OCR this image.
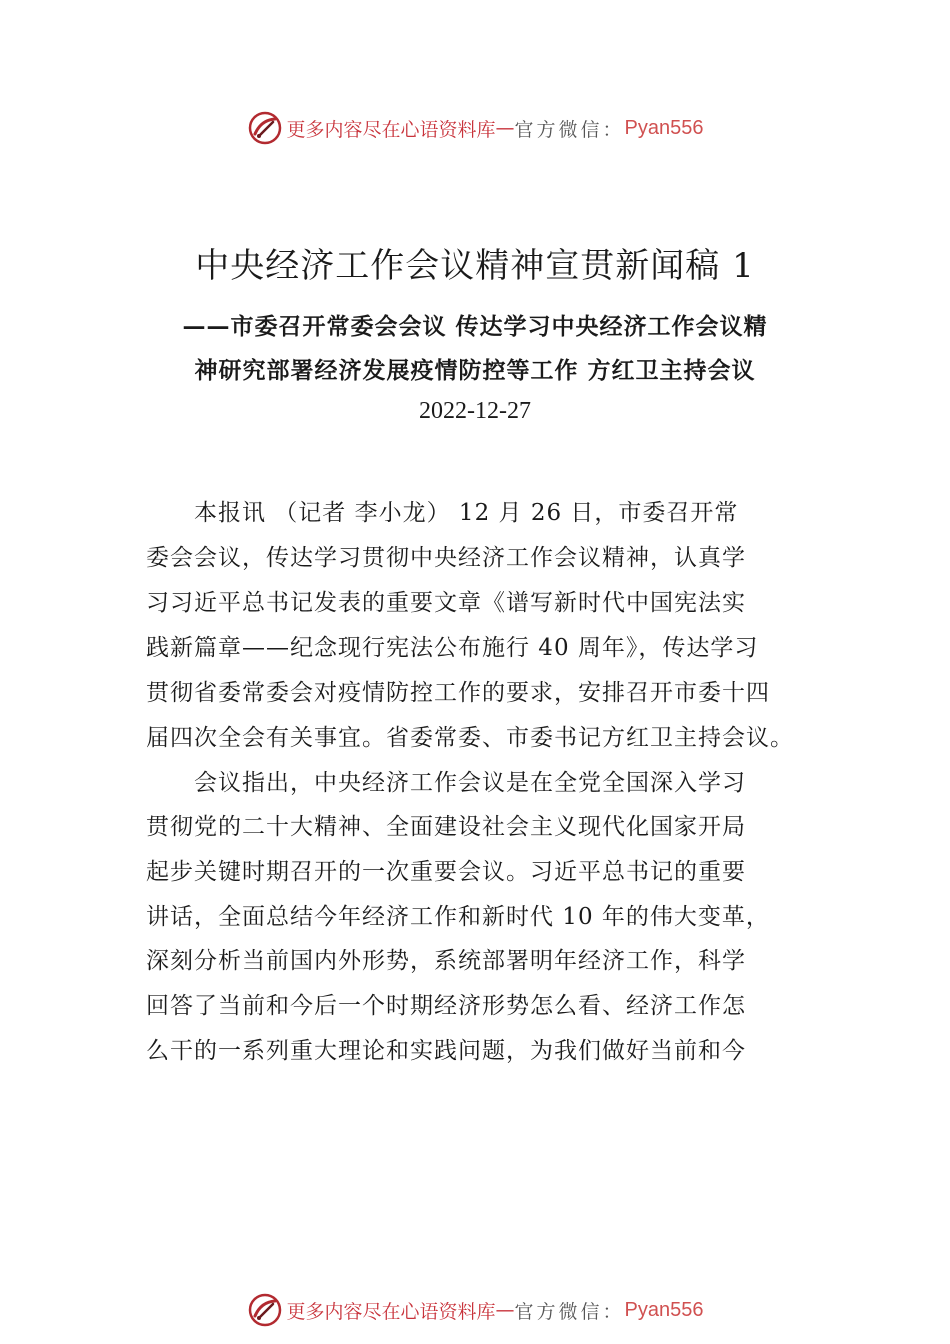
更多内容尽在心语资料库 — 官方微信： Pyan556
中央经济工作会议精神宣贯新闻稿 1
——市委召开常委会会议 传达学习中央经济工作会议精
神研究部署经济发展疫情防控等工作 方红卫主持会议
2022-12-27
　　本报讯 （记者 李小龙） 12 月 26 日，市委召开常
委会会议，传达学习贯彻中央经济工作会议精神，认真学
习习近平总书记发表的重要文章《谱写新时代中国宪法实
践新篇章——纪念现行宪法公布施行 40 周年》，传达学习
贯彻省委常委会对疫情防控工作的要求，安排召开市委十四
届四次全会有关事宜。省委常委、市委书记方红卫主持会议。
　　会议指出，中央经济工作会议是在全党全国深入学习
贯彻党的二十大精神、全面建设社会主义现代化国家开局
起步关键时期召开的一次重要会议。习近平总书记的重要
讲话，全面总结今年经济工作和新时代 10 年的伟大变革，
深刻分析当前国内外形势，系统部署明年经济工作，科学
回答了当前和今后一个时期经济形势怎么看、经济工作怎
么干的一系列重大理论和实践问题，为我们做好当前和今
更多内容尽在心语资料库 — 官方微信： Pyan556
